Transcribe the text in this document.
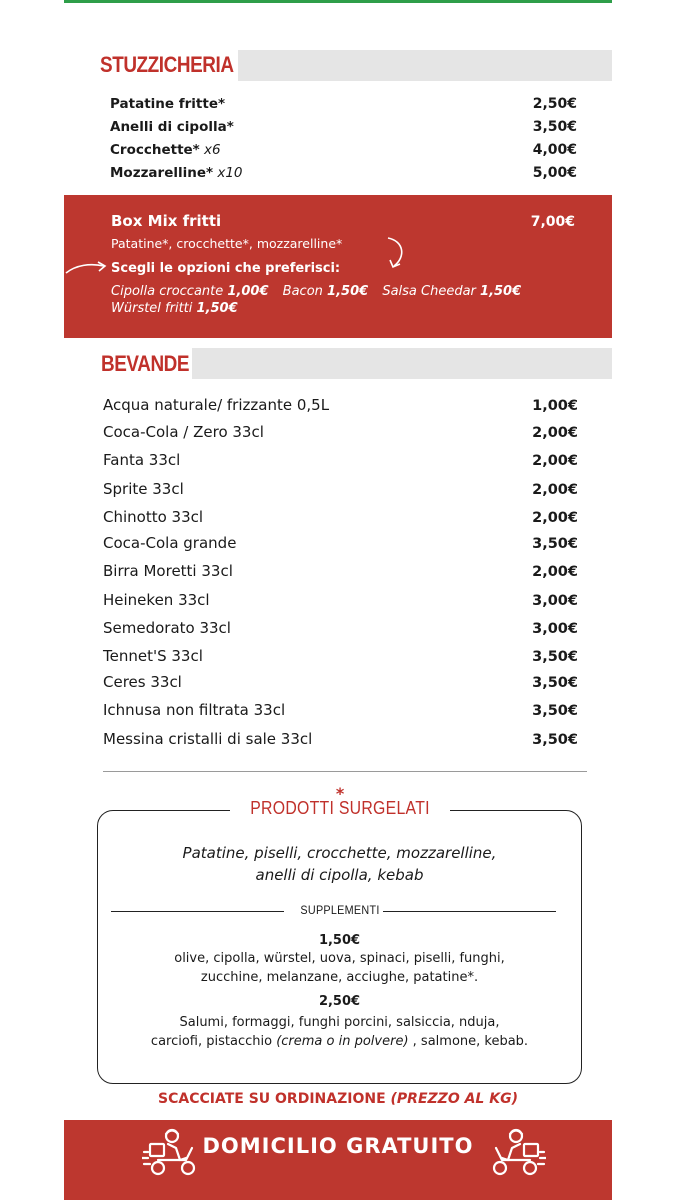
STUZZICHERIA
Patatine fritte*	2,50€
Anelli di cipolla*	3,50€
Crocchette* x6	4,00€
Mozzarelline* x10	5,00€
Box Mix fritti	7,00€
Patatine*, crocchette*, mozzarelline*
Scegli le opzioni che preferisci:
Cipolla croccante 1,00€ Bacon 1,50€ Salsa Cheedar 1,50€ Würstel fritti 1,50€
BEVANDE
Acqua naturale/ frizzante 0,5L	1,00€
Coca-Cola / Zero 33cl	2,00€
Fanta 33cl	2,00€
Sprite 33cl	2,00€
Chinotto 33cl	2,00€
Coca-Cola grande	3,50€
Birra Moretti 33cl	2,00€
Heineken 33cl	3,00€
Semedorato 33cl	3,00€
Tennet'S 33cl	3,50€
Ceres 33cl	3,50€
Ichnusa non filtrata 33cl	3,50€
Messina cristalli di sale 33cl	3,50€
*
PRODOTTI SURGELATI
Patatine, piselli, crocchette, mozzarelline,
anelli di cipolla, kebab
SUPPLEMENTI
1,50€
olive, cipolla, würstel, uova, spinaci, piselli, funghi,
zucchine, melanzane, acciughe, patatine*.
2,50€
Salumi, formaggi, funghi porcini, salsiccia, nduja,
carciofi, pistacchio (crema o in polvere) , salmone, kebab.
SCACCIATE SU ORDINAZIONE (PREZZO AL KG)
DOMICILIO GRATUITO
